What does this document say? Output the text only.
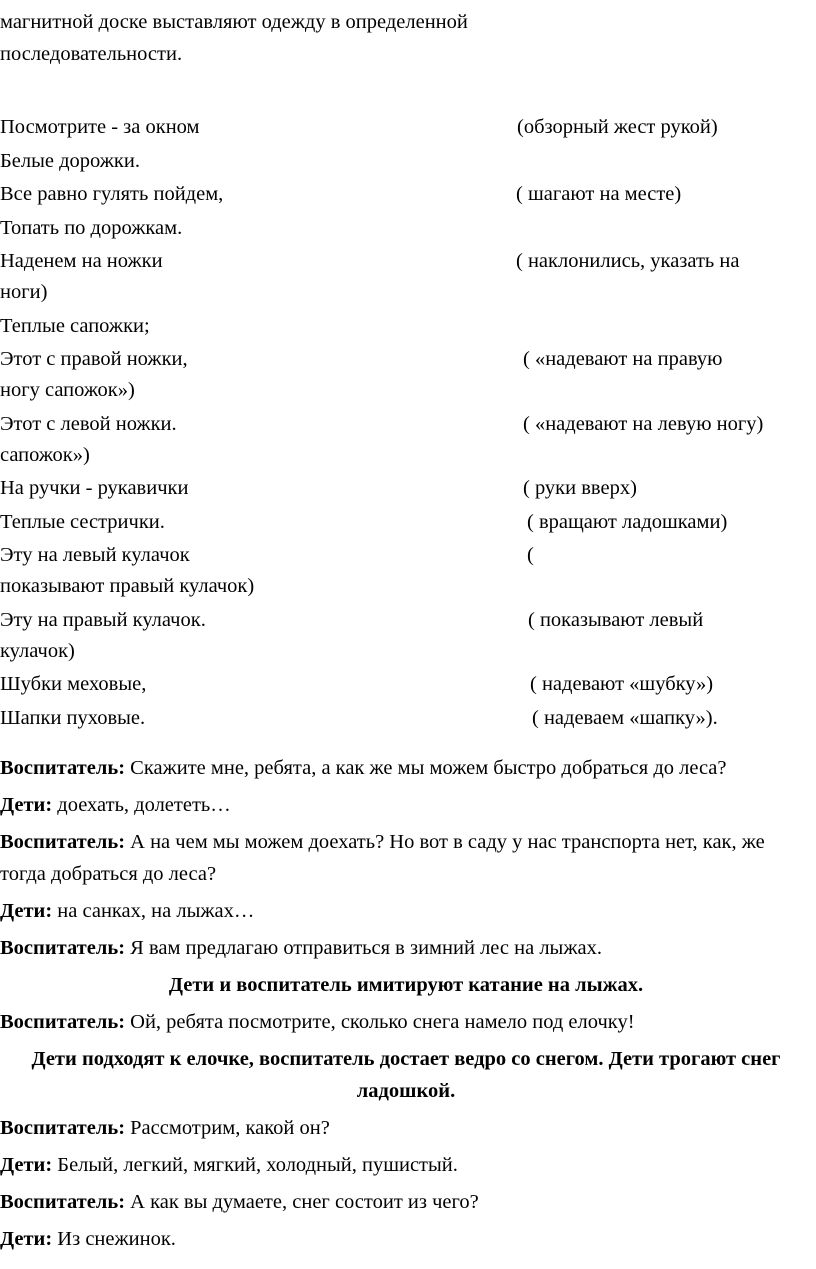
магнитной доске выставляют одежду в определенной
последовательности.
Посмотрите - за окном	(обзорный жест рукой)
Белые дорожки.
Все равно гулять пойдем,	( шагают на месте)
Топать по дорожкам.
Наденем на ножки	( наклонились, указать на
ноги)
Теплые сапожки;
Этот с правой ножки,	( «надевают на правую
ногу сапожок»)
Этот с левой ножки.	( «надевают на левую ногу)
сапожок»)
На ручки - рукавички	( руки вверх)
Теплые сестрички.	( вращают ладошками)
Эту на левый кулачок	(
показывают правый кулачок)
Эту на правый кулачок.	( показывают левый
кулачок)
Шубки меховые,	( надевают «шубку»)
Шапки пуховые.	( надеваем «шапку»).
Воспитатель: Скажите мне, ребята, а как же мы можем быстро добраться до леса?
Дети: доехать, долететь…
Воспитатель: А на чем мы можем доехать? Но вот в саду у нас транспорта нет, как, же тогда добраться до леса?
Дети: на санках, на лыжах…
Воспитатель: Я вам предлагаю отправиться в зимний лес на лыжах.
Дети и воспитатель имитируют катание на лыжах.
Воспитатель: Ой, ребята посмотрите, сколько снега намело под елочку!
Дети подходят к елочке, воспитатель достает ведро со снегом. Дети трогают снег ладошкой.
Воспитатель: Рассмотрим, какой он?
Дети: Белый, легкий, мягкий, холодный, пушистый.
Воспитатель: А как вы думаете, снег состоит из чего?
Дети: Из снежинок.
